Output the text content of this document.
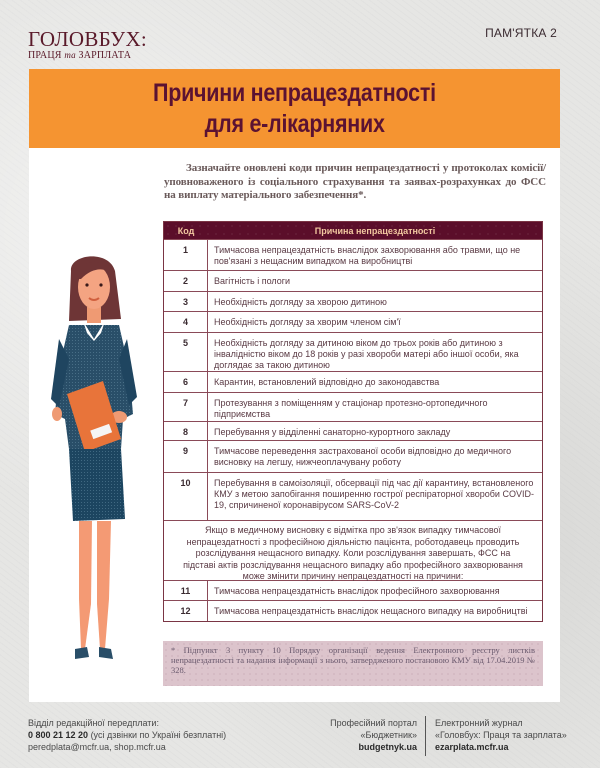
ГОЛОВБУХ:
ПРАЦЯ та ЗАРПЛАТА
ПАМ'ЯТКА 2
Причини непрацездатності
для е-лікарняних

Зазначайте оновлені коди причин непрацездатності у протоколах комісії/уповноваженого із соціального страхування та заявах-розрахунках до ФСС на виплату матеріального забезпечення*.

Код	Причина непрацездатності
1	Тимчасова непрацездатність внаслідок захворювання або травми, що не пов'язані з нещасним випадком на виробництві
2	Вагітність і пологи
3	Необхідність догляду за хворою дитиною
4	Необхідність догляду за хворим членом сім'ї
5	Необхідність догляду за дитиною віком до трьох років або дитиною з інвалідністю віком до 18 років у разі хвороби матері або іншої особи, яка доглядає за такою дитиною
6	Карантин, встановлений відповідно до законодавства
7	Протезування з поміщенням у стаціонар протезно-ортопедичного підприємства
8	Перебування у відділенні санаторно-курортного закладу
9	Тимчасове переведення застрахованої особи відповідно до медичного висновку на легшу, нижчеоплачувану роботу
10	Перебування в самоізоляції, обсервації під час дії карантину, встановленого КМУ з метою запобігання поширенню гострої респіраторної хвороби COVID-19, спричиненої коронавірусом SARS-CoV-2
Якщо в медичному висновку є відмітка про зв'язок випадку тимчасової непрацездатності з професійною діяльністю пацієнта, роботодавець проводить розслідування нещасного випадку. Коли розслідування завершать, ФСС на підставі актів розслідування нещасного випадку або професійного захворювання може змінити причину непрацездатності на причини:
11	Тимчасова непрацездатність внаслідок професійного захворювання
12	Тимчасова непрацездатність внаслідок нещасного випадку на виробництві
* Підпункт 3 пункту 10 Порядку організації ведення Електронного реєстру листків непрацездатності та надання інформації з нього, затвердженого постановою КМУ від 17.04.2019 № 328.
Відділ редакційної передплати:
0 800 21 12 20 (усі дзвінки по Україні безплатні)
peredplata@mcfr.ua, shop.mcfr.ua
Професійний портал
«Бюджетник»
budgetnyk.ua
Електронний журнал
«Головбух: Праця та зарплата»
ezarplata.mcfr.ua
